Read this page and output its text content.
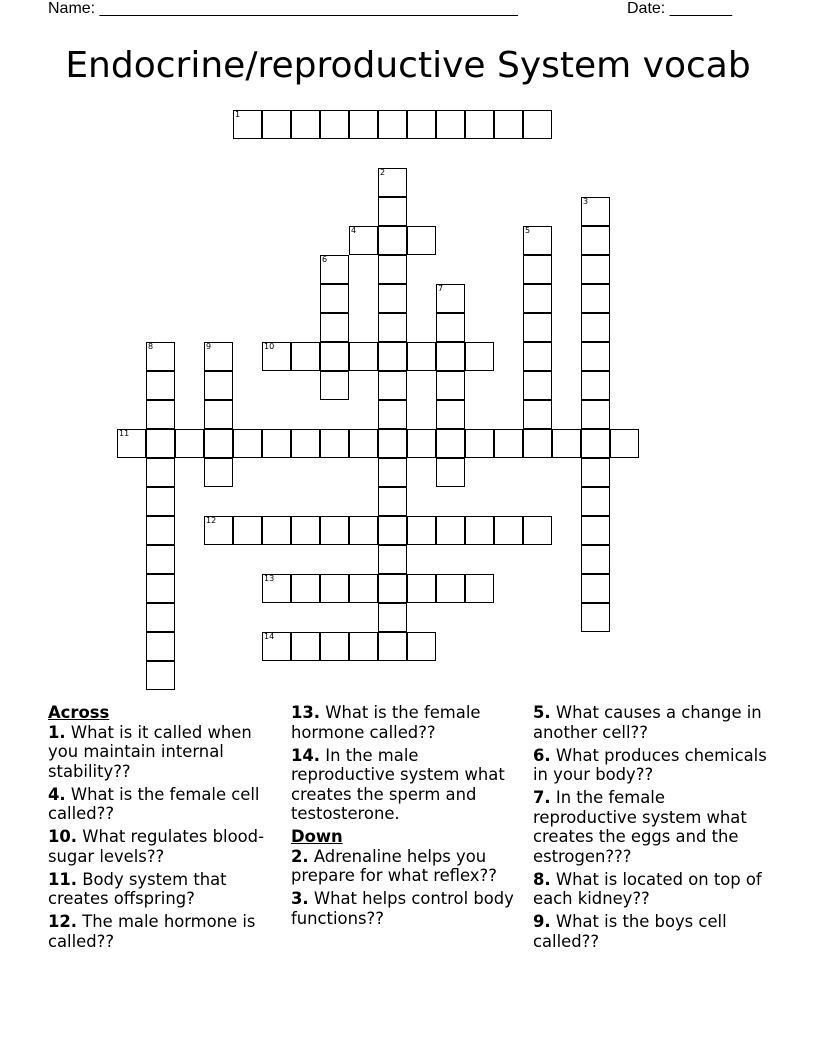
Name: _______________________________________________	Date: _______
Endocrine/reproductive System vocab
1
2
3
4	5
6
7
8	9	10
11
12
13
14
Across
1. What is it called when you maintain internal stability??
4. What is the female cell called??
10. What regulates blood-sugar levels??
11. Body system that creates offspring?
12. The male hormone is called??
13. What is the female hormone called??
14. In the male reproductive system what creates the sperm and testosterone.
Down
2. Adrenaline helps you prepare for what reflex??
3. What helps control body functions??
5. What causes a change in another cell??
6. What produces chemicals in your body??
7. In the female reproductive system what creates the eggs and the estrogen???
8. What is located on top of each kidney??
9. What is the boys cell called??
